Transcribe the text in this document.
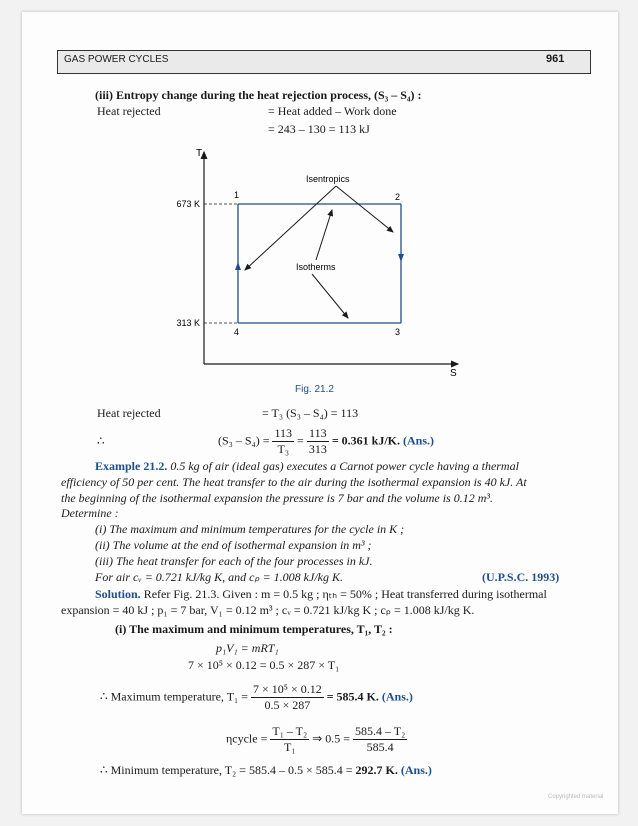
GAS POWER CYCLES	961
(iii) Entropy change during the heat rejection process, (S₃ – S₄) :
Heat rejected	= Heat added – Work done
= 243 – 130 = 113 kJ
T
S
673 K
313 K
Isentropics
Isotherms
1	2
3
4
Fig. 21.2
Heat rejected	= T₃ (S₃ – S₄) = 113
∴	$(S_3 - S_4) = \frac{113}{\text{T₃}} = \frac{113}{313} = 0.361$ kJ/K. (Ans.)
Example 21.2. 0.5 kg of air (ideal gas) executes a Carnot power cycle having a thermal
efficiency of 50 per cent. The heat transfer to the air during the isothermal expansion is 40 kJ. At
the beginning of the isothermal expansion the pressure is 7 bar and the volume is 0.12 m³.
Determine :
(i) The maximum and minimum temperatures for the cycle in K ;
(ii) The volume at the end of isothermal expansion in m³ ;
(iii) The heat transfer for each of the four processes in kJ.
For air cᵥ = 0.721 kJ/kg K, and cₚ = 1.008 kJ/kg K.	(U.P.S.C. 1993)
Solution. Refer Fig. 21.3. Given : m = 0.5 kg ; ηₜₕ = 50% ; Heat transferred during isothermal
expansion = 40 kJ ; p₁ = 7 bar, V₁ = 0.12 m³ ; cᵥ = 0.721 kJ/kg K ; cₚ = 1.008 kJ/kg K.
(i) The maximum and minimum temperatures, T₁, T₂ :
p₁V₁ = mRT₁
7 × 10⁵ × 0.12 = 0.5 × 287 × T₁
∴ Maximum temperature, $T_1 = \frac{\text{7 × 10⁵ × 0.12}}{0.5 \times 287} = 585.4$ K. (Ans.)
ηcycle = $\frac{\text{T₁ – T₂}}{\text{T₁}}$ ⇒ $0.5 = \frac{\text{585.4 – T₂}}{585.4}$
∴ Minimum temperature, T₂ = 585.4 – 0.5 × 585.4 = 292.7 K. (Ans.)
Copyrighted material
